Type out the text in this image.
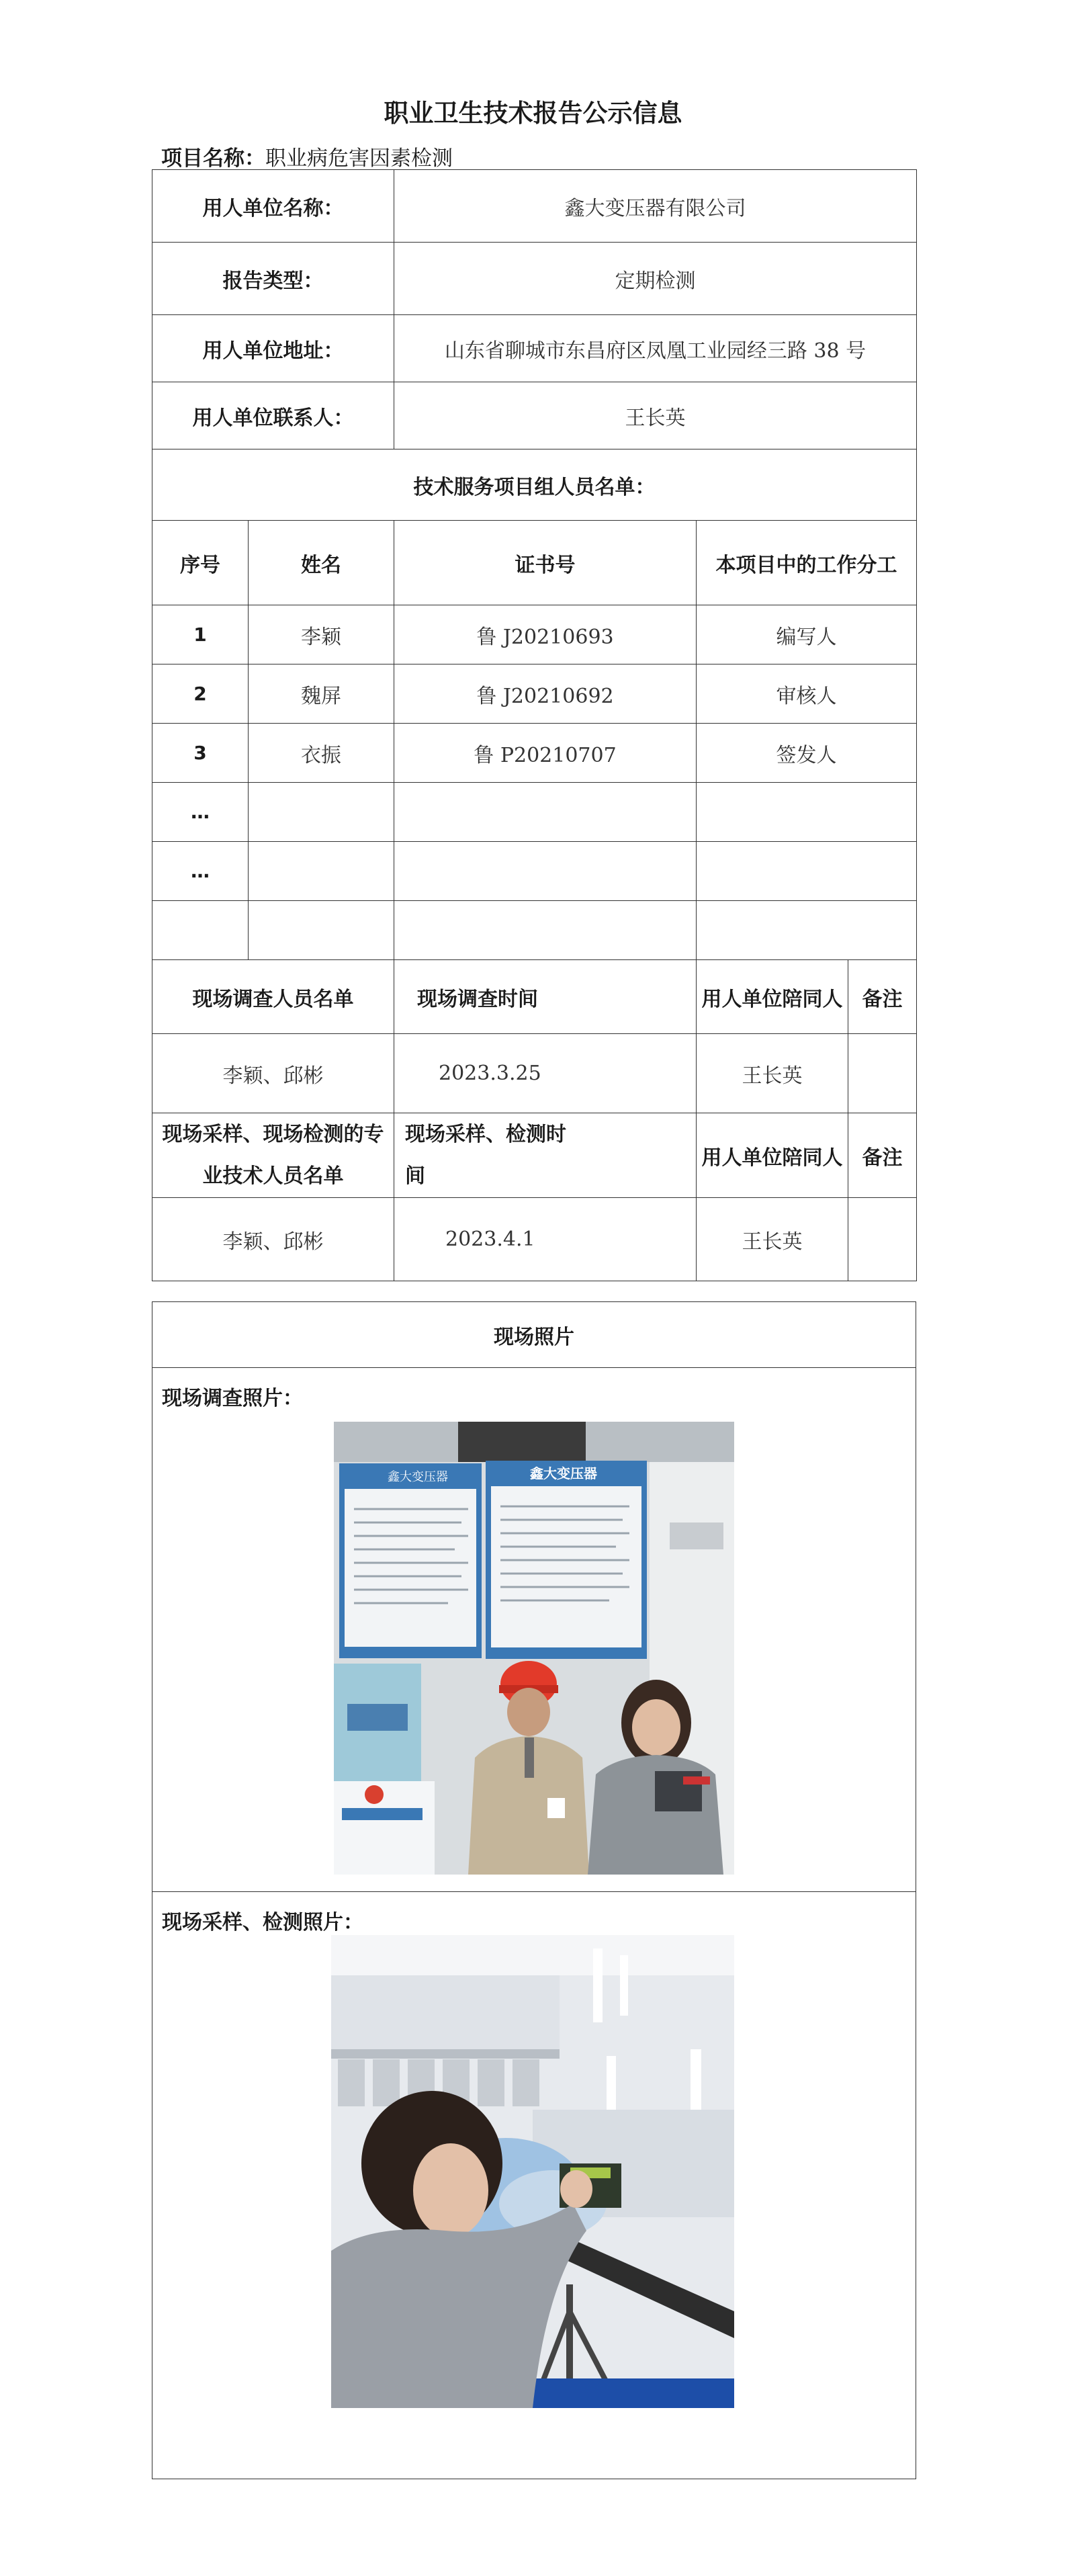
职业卫生技术报告公示信息
项目名称：职业病危害因素检测
用人单位名称：		鑫大变压器有限公司		
报告类型：		定期检测		
用人单位地址：		山东省聊城市东昌府区凤凰工业园经三路 38 号		
用人单位联系人：		王长英		
技术服务项目组人员名单：				
序号	姓名	证书号	本项目中的工作分工	
1	李颖	鲁 J20210693	编写人	
2	魏屏	鲁 J20210692	审核人	
3	衣振	鲁 P20210707	签发人	
…				
…				

现场调查人员名单		现场调查时间	用人单位陪同人	备注
李颖、邱彬		2023.3.25	王长英	
现场采样、现场检测的专业技术人员名单		现场采样、检测时间	用人单位陪同人	备注
李颖、邱彬		2023.4.1	王长英	
现场照片
现场调查照片：
鑫大变压器	鑫大变压器

现场采样、检测照片：
